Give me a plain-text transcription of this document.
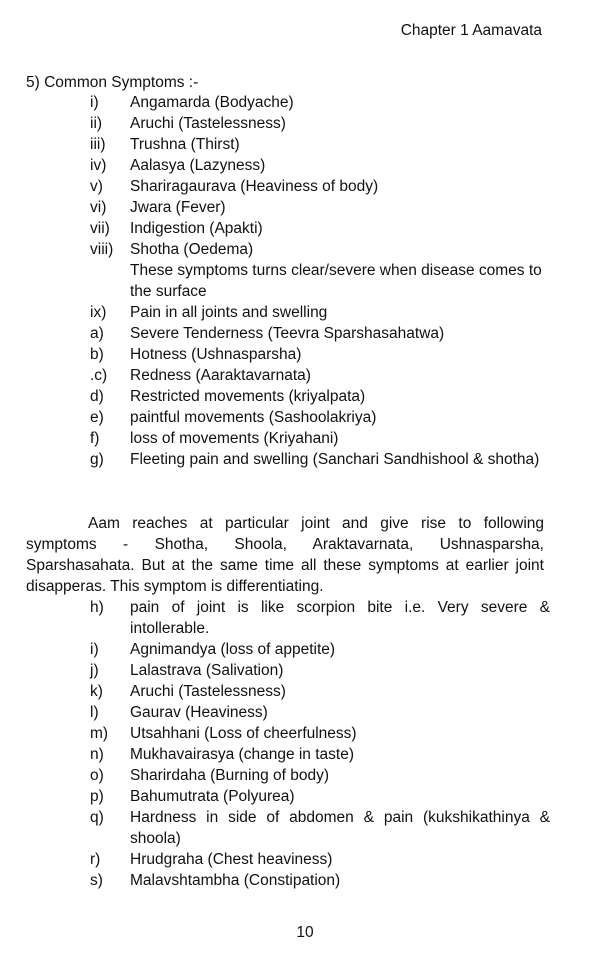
Chapter 1 Aamavata
5) Common Symptoms :-
i)	Angamarda (Bodyache)
ii)	Aruchi (Tastelessness)
iii)	Trushna (Thirst)
iv)	Aalasya (Lazyness)
v)	Shariragaurava (Heaviness of body)
vi)	Jwara (Fever)
vii)	Indigestion (Apakti)
viii)	Shotha (Oedema)
These symptoms turns clear/severe when disease comes to the surface
ix)	Pain in all joints and swelling
a)	Severe Tenderness (Teevra Sparshasahatwa)
b)	Hotness (Ushnasparsha)
.c)	Redness (Aaraktavarnata)
d)	Restricted movements (kriyalpata)
e)	paintful movements (Sashoolakriya)
f)	loss of movements (Kriyahani)
g)	Fleeting pain and swelling (Sanchari Sandhishool & shotha)

Aam reaches at particular joint and give rise to following symptoms - Shotha, Shoola, Araktavarnata, Ushnasparsha, Sparshasahata. But at the same time all these symptoms at earlier joint disapperas. This symptom is differentiating.

h)	pain of joint is like scorpion bite i.e. Very severe & intollerable.
i)	Agnimandya (loss of appetite)
j)	Lalastrava (Salivation)
k)	Aruchi (Tastelessness)
l)	Gaurav (Heaviness)
m)	Utsahhani (Loss of cheerfulness)
n)	Mukhavairasya (change in taste)
o)	Sharirdaha (Burning of body)
p)	Bahumutrata (Polyurea)
q)	Hardness in side of abdomen & pain (kukshikathinya & shoola)
r)	Hrudgraha (Chest heaviness)
s)	Malavshtambha (Constipation)
10
